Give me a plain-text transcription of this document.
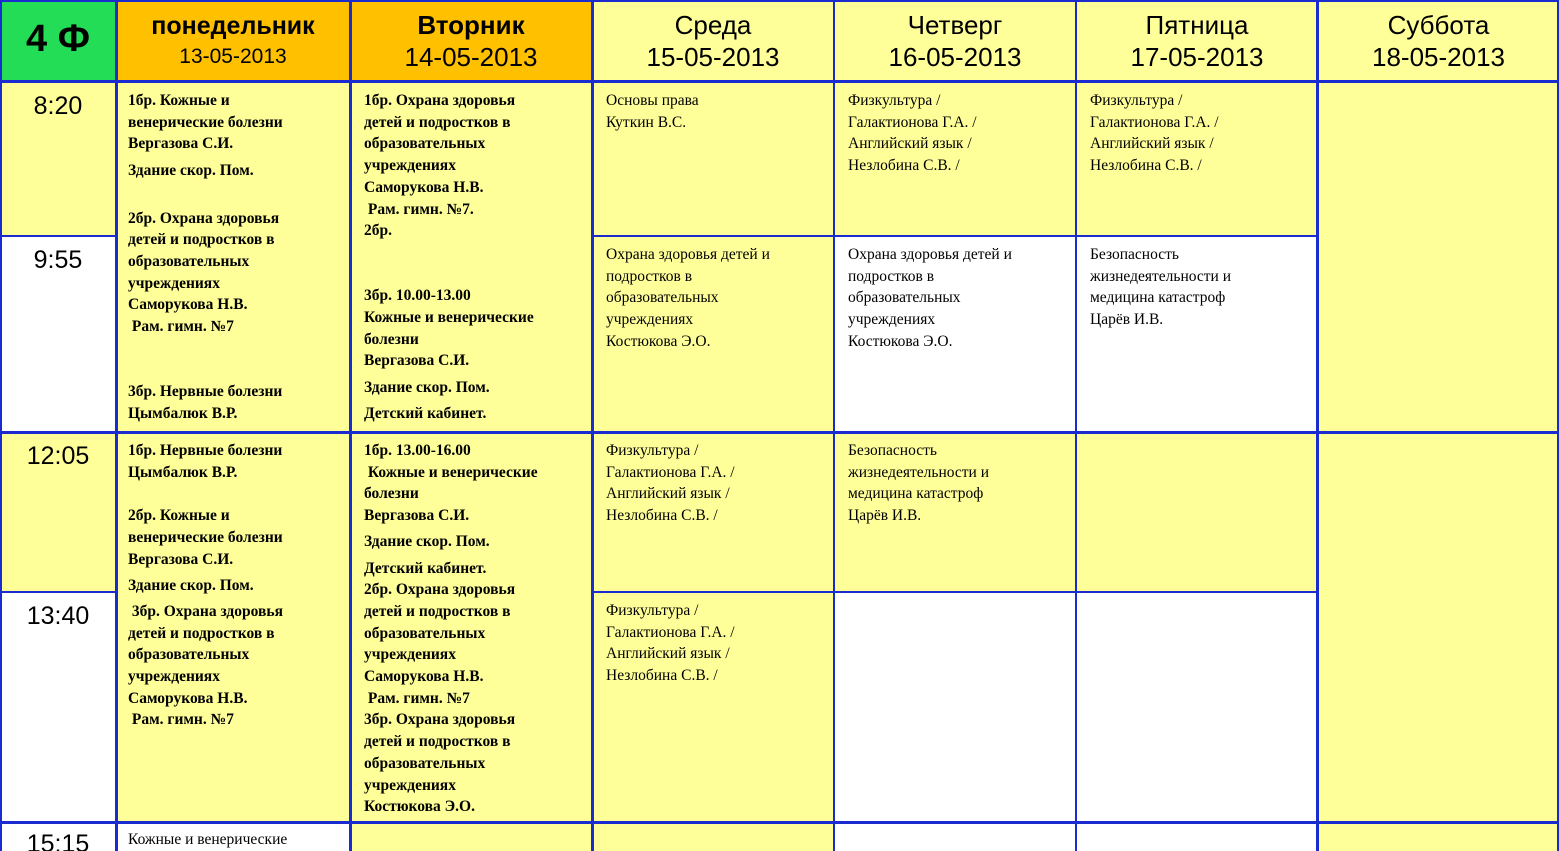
4 Ф	понедельник
13-05-2013
Вторник
14-05-2013
Среда
15-05-2013
Четверг
16-05-2013
Пятница
17-05-2013
Суббота
18-05-2013
8:20
9:55
12:05
13:40
15:15

1бр. Кожные и

венерические болезни

Вергазова С.И.

Здание скор. Пом.

2бр. Охрана здоровья

детей и подростков в

образовательных

учреждениях

Саморукова Н.В.

Рам. гимн. №7

3бр. Нервные болезни

Цымбалюк В.Р.

1бр. Нервные болезни

Цымбалюк В.Р.

2бр. Кожные и

венерические болезни

Вергазова С.И.

Здание скор. Пом.

3бр. Охрана здоровья

детей и подростков в

образовательных

учреждениях

Саморукова Н.В.

Рам. гимн. №7

Кожные и венерические

1бр. Охрана здоровья

детей и подростков в

образовательных

учреждениях

Саморукова Н.В.

Рам. гимн. №7.

2бр.

3бр. 10.00-13.00

Кожные и венерические

болезни

Вергазова С.И.

Здание скор. Пом.

Детский кабинет.

1бр. 13.00-16.00

Кожные и венерические

болезни

Вергазова С.И.

Здание скор. Пом.

Детский кабинет.

2бр. Охрана здоровья

детей и подростков в

образовательных

учреждениях

Саморукова Н.В.

Рам. гимн. №7

3бр. Охрана здоровья

детей и подростков в

образовательных

учреждениях

Костюкова Э.О.

Основы права

Куткин В.С.

Охрана здоровья детей и

подростков в

образовательных

учреждениях

Костюкова Э.О.

Физкультура /

Галактионова Г.А. /

Английский язык /

Незлобина С.В. /

Физкультура /

Галактионова Г.А. /

Английский язык /

Незлобина С.В. /

Физкультура /

Галактионова Г.А. /

Английский язык /

Незлобина С.В. /

Охрана здоровья детей и

подростков в

образовательных

учреждениях

Костюкова Э.О.

Безопасность

жизнедеятельности и

медицина катастроф

Царёв И.В.

Физкультура /

Галактионова Г.А. /

Английский язык /

Незлобина С.В. /

Безопасность

жизнедеятельности и

медицина катастроф

Царёв И.В.
